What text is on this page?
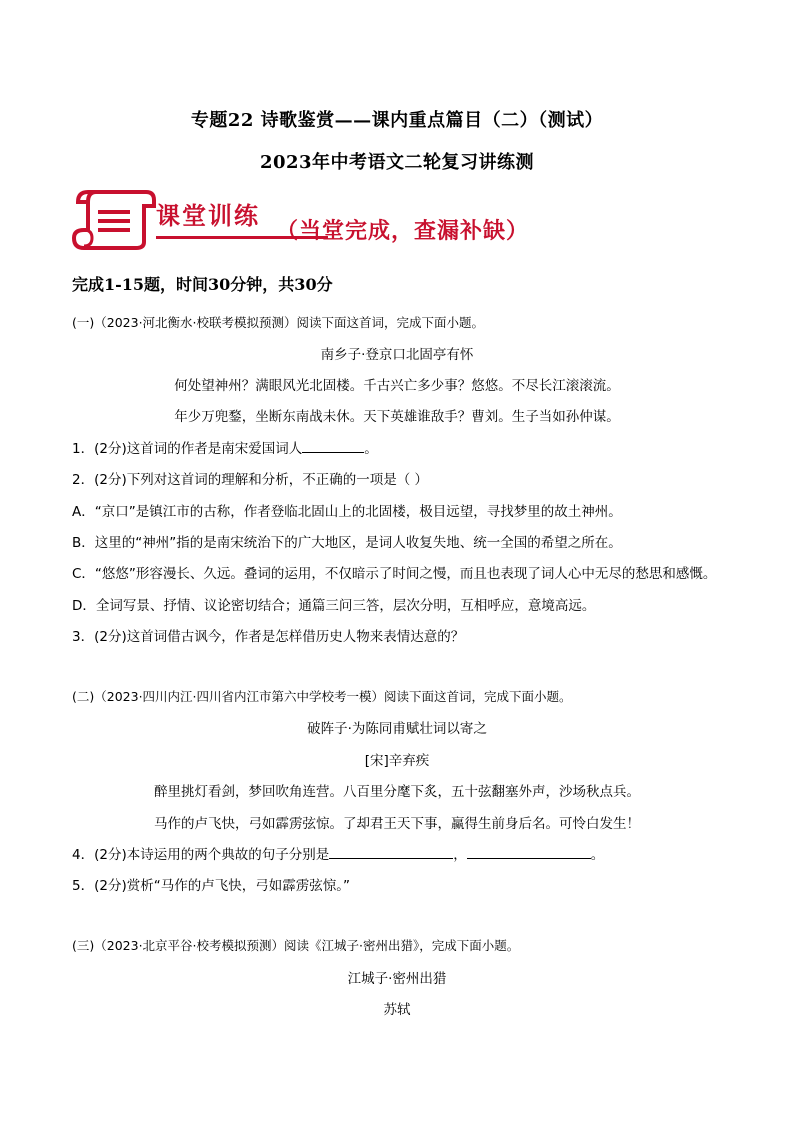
专题22 诗歌鉴赏——课内重点篇目（二）（测试）
2023年中考语文二轮复习讲练测
课堂训练
（当堂完成，查漏补缺）
完成1-15题，时间30分钟，共30分
(一)（2023·河北衡水·校联考模拟预测）阅读下面这首词，完成下面小题。
南乡子·登京口北固亭有怀
何处望神州？满眼风光北固楼。千古兴亡多少事？悠悠。不尽长江滚滚流。
年少万兜鍪，坐断东南战未休。天下英雄谁敌手？曹刘。生子当如孙仲谋。
1．(2分)这首词的作者是南宋爱国词人	。
2．(2分)下列对这首词的理解和分析，不正确的一项是（ ）
A．“京口”是镇江市的古称，作者登临北固山上的北固楼，极目远望，寻找梦里的故土神州。
B．这里的“神州”指的是南宋统治下的广大地区，是词人收复失地、统一全国的希望之所在。
C．“悠悠”形容漫长、久远。叠词的运用，不仅暗示了时间之慢，而且也表现了词人心中无尽的愁思和感慨。
D．全词写景、抒情、议论密切结合；通篇三问三答，层次分明，互相呼应，意境高远。
3．(2分)这首词借古讽今，作者是怎样借历史人物来表情达意的？
(二)（2023·四川内江·四川省内江市第六中学校考一模）阅读下面这首词，完成下面小题。
破阵子·为陈同甫赋壮词以寄之
[宋]辛弃疾
醉里挑灯看剑，梦回吹角连营。八百里分麾下炙，五十弦翻塞外声，沙场秋点兵。
马作的卢飞快，弓如霹雳弦惊。了却君王天下事，赢得生前身后名。可怜白发生！
4．(2分)本诗运用的两个典故的句子分别是	，	。
5．(2分)赏析“马作的卢飞快，弓如霹雳弦惊。”
(三)（2023·北京平谷·校考模拟预测）阅读《江城子·密州出猎》，完成下面小题。
江城子·密州出猎
苏轼
